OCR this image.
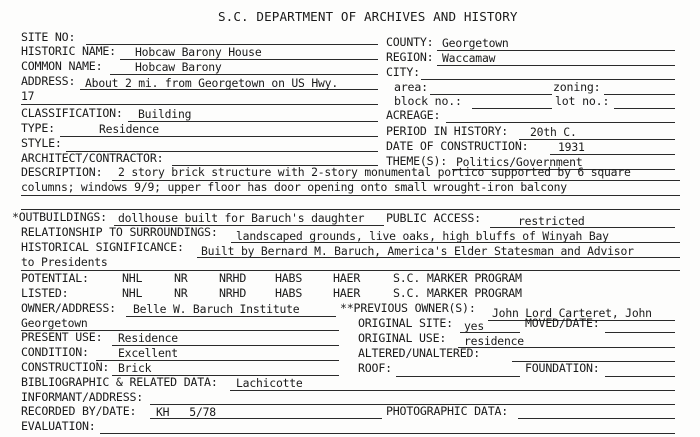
S.C. DEPARTMENT OF ARCHIVES AND HISTORY
SITE NO:
HISTORIC NAME: Hobcaw Barony House
COMMON NAME:	Hobcaw Barony
ADDRESS: About 2 mi. from Georgetown on US Hwy.
17
CLASSIFICATION: Building
TYPE:	Residence
STYLE:
ARCHITECT/CONTRACTOR:
COUNTY: Georgetown
REGION: Waccamaw
CITY:
area:	zoning:
block no.:	lot no.:
ACREAGE:
PERIOD IN HISTORY: 20th C.
DATE OF CONSTRUCTION:	1931
THEME(S): Politics/Government
DESCRIPTION: 2 story brick structure with 2-story monumental portico supported by 6 square
columns; windows 9/9; upper floor has door opening onto small wrought-iron balcony
*OUTBUILDINGS: dollhouse built for Baruch's daughter PUBLIC ACCESS:	restricted
RELATIONSHIP TO SURROUNDINGS: landscaped grounds, live oaks, high bluffs of Winyah Bay
HISTORICAL SIGNIFICANCE: Built by Bernard M. Baruch, America's Elder Statesman and Advisor
to Presidents
POTENTIAL:	NHL	NR	NRHD HABS	HAER	S.C. MARKER PROGRAM
LISTED:	NHL	NR	NRHD HABS	HAER	S.C. MARKER PROGRAM
OWNER/ADDRESS: Belle W. Baruch Institute
Georgetown
**PREVIOUS OWNER(S): John Lord Carteret, John
PRESENT USE: Residence
ORIGINAL SITE: yes	MOVED/DATE:
CONDITION:	Excellent
ORIGINAL USE: residence
ALTERED/UNALTERED:
CONSTRUCTION: Brick	ROOF:	FOUNDATION:
BIBLIOGRAPHIC & RELATED DATA: Lachicotte
INFORMANT/ADDRESS:
RECORDED BY/DATE: KH   5/78	PHOTOGRAPHIC DATA:
EVALUATION:
